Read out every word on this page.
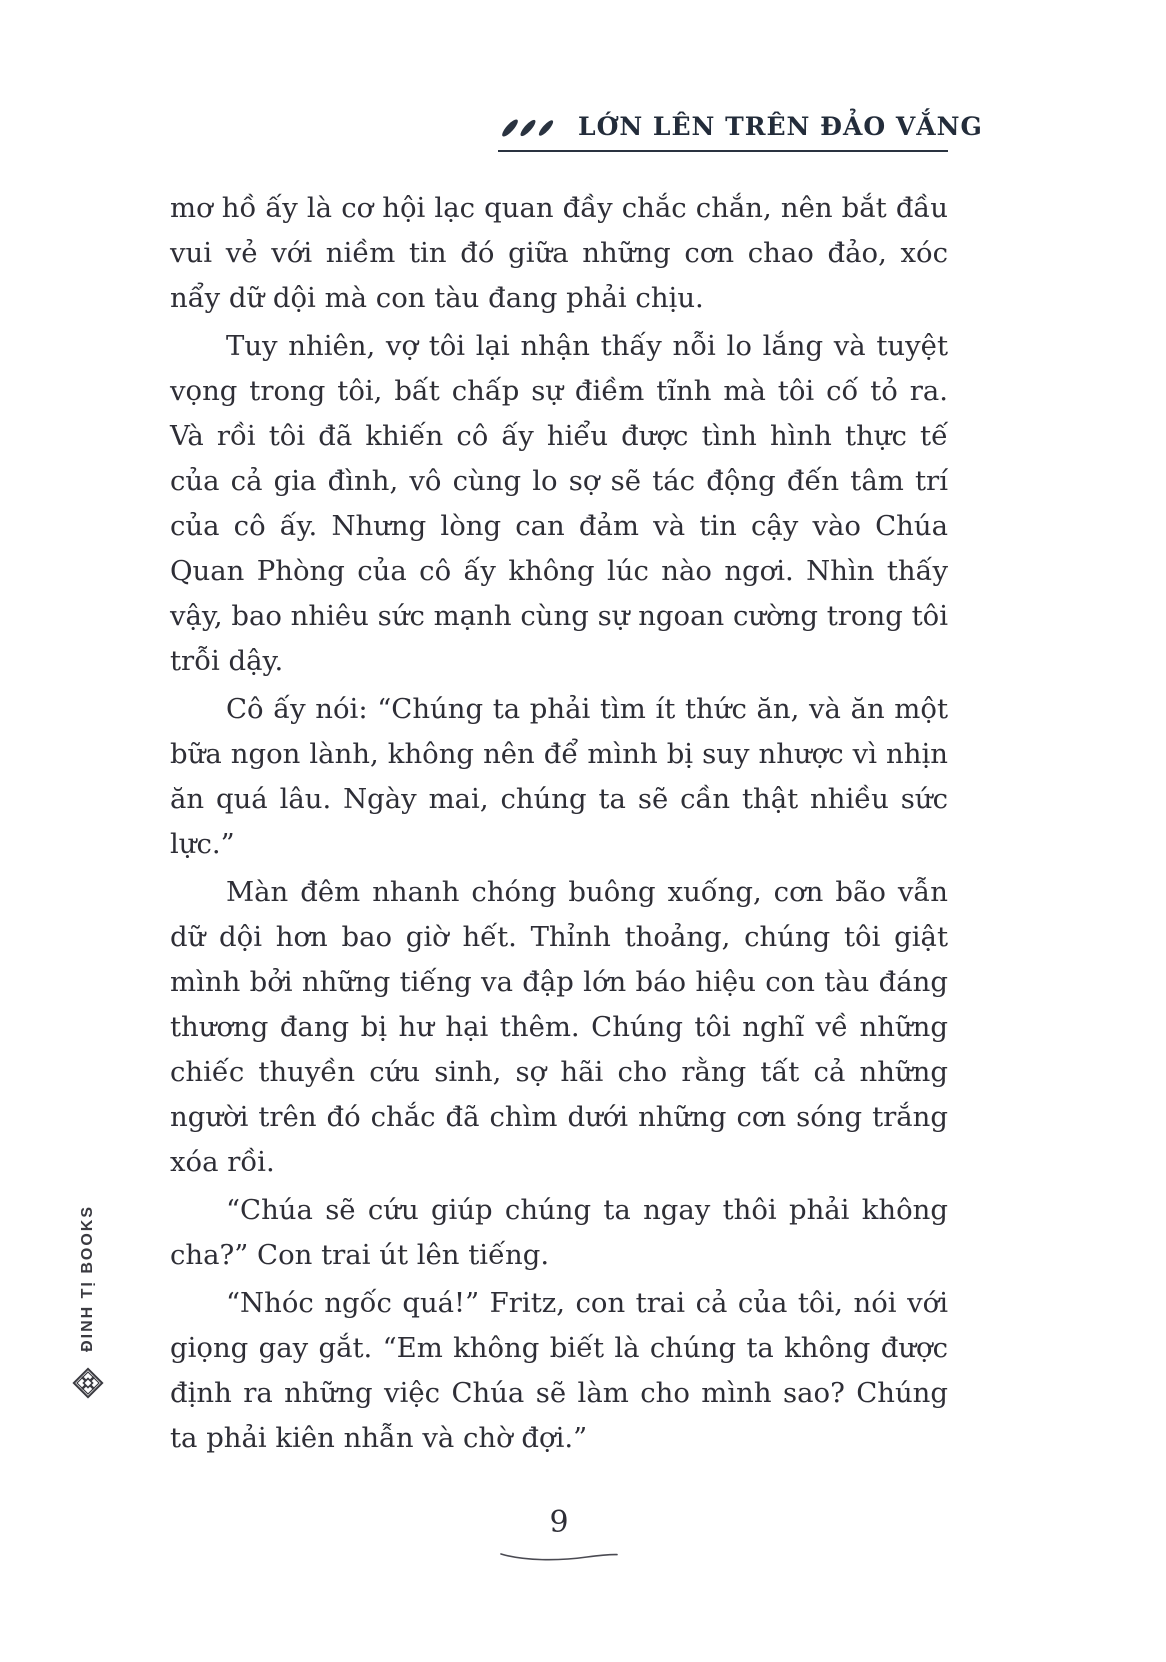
LỚN LÊN TRÊN ĐẢO VẮNG

mơ hồ ấy là cơ hội lạc quan đầy chắc chắn, nên bắt đầu vui vẻ với niềm tin đó giữa những cơn chao đảo, xóc nẩy dữ dội mà con tàu đang phải chịu.

Tuy nhiên, vợ tôi lại nhận thấy nỗi lo lắng và tuyệt vọng trong tôi, bất chấp sự điềm tĩnh mà tôi cố tỏ ra. Và rồi tôi đã khiến cô ấy hiểu được tình hình thực tế của cả gia đình, vô cùng lo sợ sẽ tác động đến tâm trí của cô ấy. Nhưng lòng can đảm và tin cậy vào Chúa Quan Phòng của cô ấy không lúc nào ngơi. Nhìn thấy vậy, bao nhiêu sức mạnh cùng sự ngoan cường trong tôi trỗi dậy.

Cô ấy nói: “Chúng ta phải tìm ít thức ăn, và ăn một bữa ngon lành, không nên để mình bị suy nhược vì nhịn ăn quá lâu. Ngày mai, chúng ta sẽ cần thật nhiều sức lực.”

Màn đêm nhanh chóng buông xuống, cơn bão vẫn dữ dội hơn bao giờ hết. Thỉnh thoảng, chúng tôi giật mình bởi những tiếng va đập lớn báo hiệu con tàu đáng thương đang bị hư hại thêm. Chúng tôi nghĩ về những chiếc thuyền cứu sinh, sợ hãi cho rằng tất cả những người trên đó chắc đã chìm dưới những cơn sóng trắng xóa rồi.

“Chúa sẽ cứu giúp chúng ta ngay thôi phải không cha?” Con trai út lên tiếng.

“Nhóc ngốc quá!” Fritz, con trai cả của tôi, nói với giọng gay gắt. “Em không biết là chúng ta không được định ra những việc Chúa sẽ làm cho mình sao? Chúng ta phải kiên nhẫn và chờ đợi.”

ĐINH TỊ BOOKS
9
